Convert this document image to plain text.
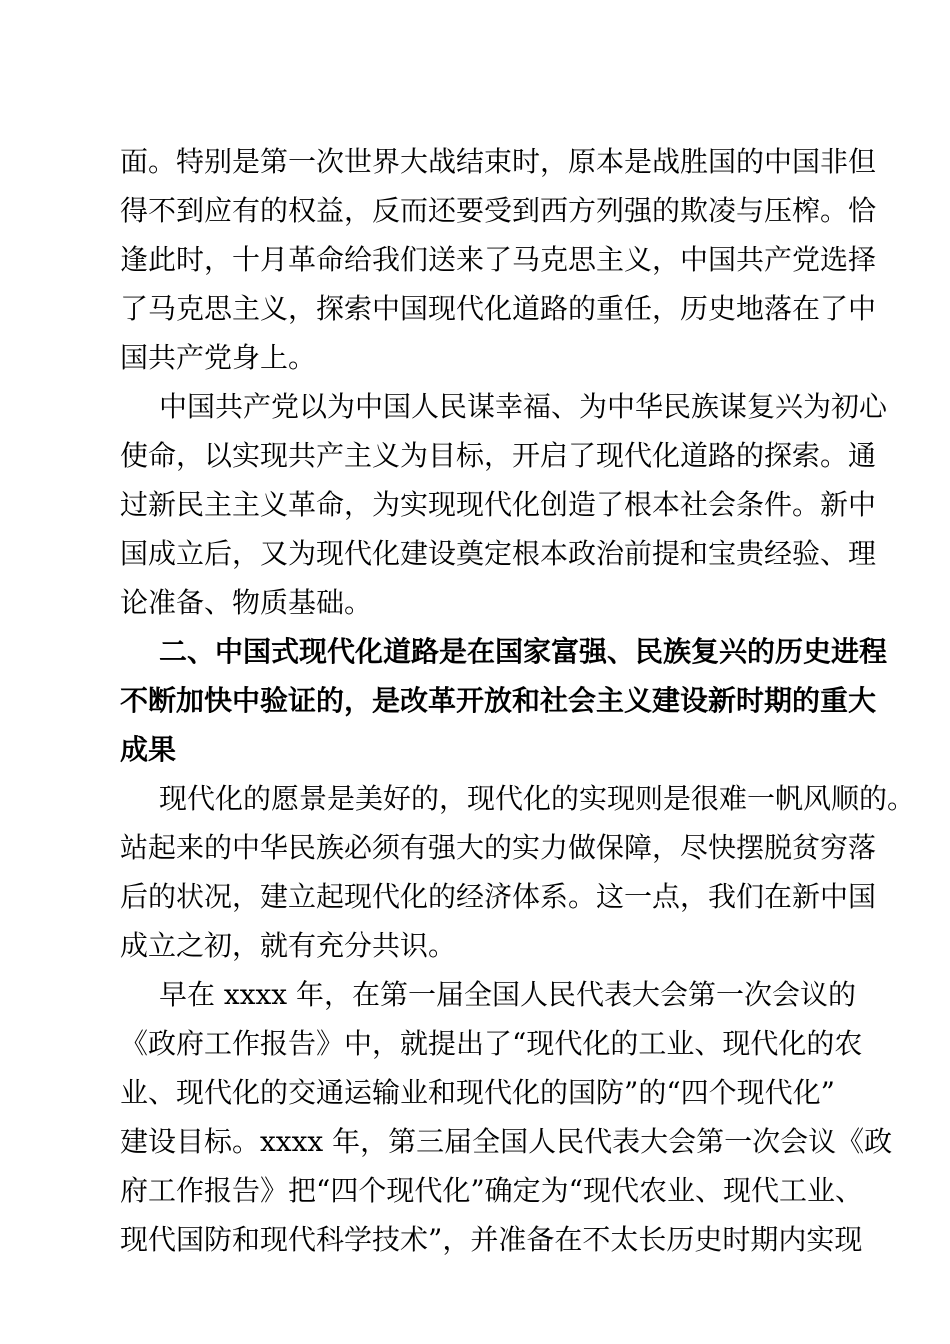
面。特别是第一次世界大战结束时，原本是战胜国的中国非但
得不到应有的权益，反而还要受到西方列强的欺凌与压榨。恰
逢此时，十月革命给我们送来了马克思主义，中国共产党选择
了马克思主义，探索中国现代化道路的重任，历史地落在了中
国共产党身上。
中国共产党以为中国人民谋幸福、为中华民族谋复兴为初心
使命，以实现共产主义为目标，开启了现代化道路的探索。通
过新民主主义革命，为实现现代化创造了根本社会条件。新中
国成立后，又为现代化建设奠定根本政治前提和宝贵经验、理
论准备、物质基础。
二、中国式现代化道路是在国家富强、民族复兴的历史进程
不断加快中验证的，是改革开放和社会主义建设新时期的重大
成果
现代化的愿景是美好的，现代化的实现则是很难一帆风顺的。
站起来的中华民族必须有强大的实力做保障，尽快摆脱贫穷落
后的状况，建立起现代化的经济体系。这一点，我们在新中国
成立之初，就有充分共识。
早在 xxxx 年，在第一届全国人民代表大会第一次会议的
《政府工作报告》中，就提出了“现代化的工业、现代化的农
业、现代化的交通运输业和现代化的国防”的“四个现代化”
建设目标。xxxx 年，第三届全国人民代表大会第一次会议《政
府工作报告》把“四个现代化”确定为“现代农业、现代工业、
现代国防和现代科学技术”，并准备在不太长历史时期内实现
